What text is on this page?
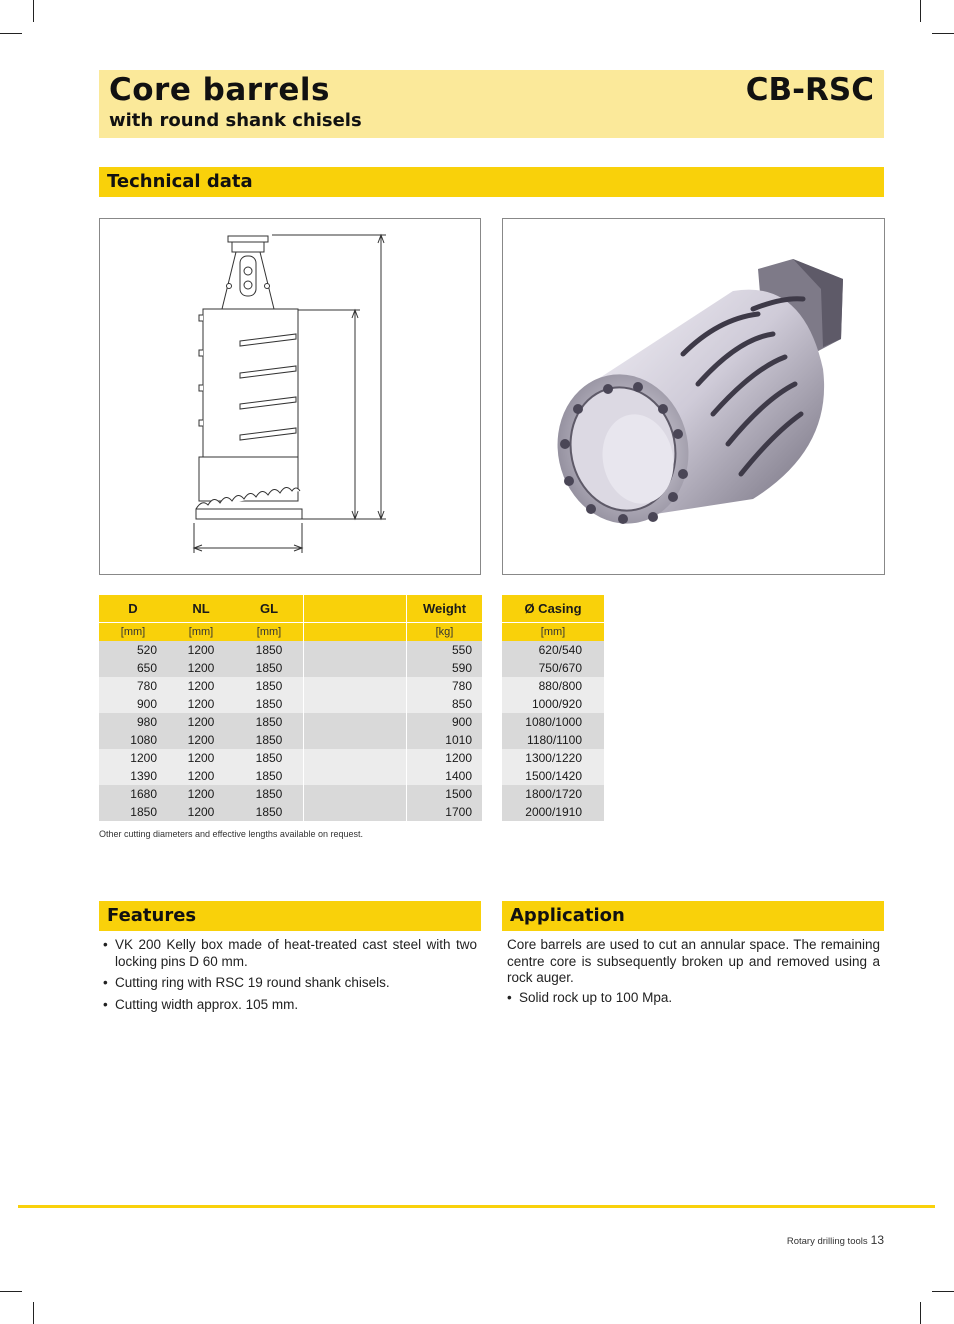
Core barrels
with round shank chisels
CB-RSC
Technical data
D	NL	GL		Weight
[mm]	[mm]	[mm]		[kg]
520	1200	1850		550
650	1200	1850		590
780	1200	1850		780
900	1200	1850		850
980	1200	1850		900
1080	1200	1850		1010
1200	1200	1850		1200
1390	1200	1850		1400
1680	1200	1850		1500
1850	1200	1850		1700
Ø Casing
[mm]
620/540
750/670
880/800
1000/920
1080/1000
1180/1100
1300/1220
1500/1420
1800/1720
2000/1910
Other cutting diameters and effective lengths available on request.
Features
• VK 200 Kelly box made of heat-treated cast steel with two locking pins D 60 mm.
• Cutting ring with RSC 19 round shank chisels.
• Cutting width approx. 105 mm.
Application

Core barrels are used to cut an annular space. The remaining centre core is subsequently broken up and removed using a rock auger.

• Solid rock up to 100 Mpa.
Rotary drilling tools 13
